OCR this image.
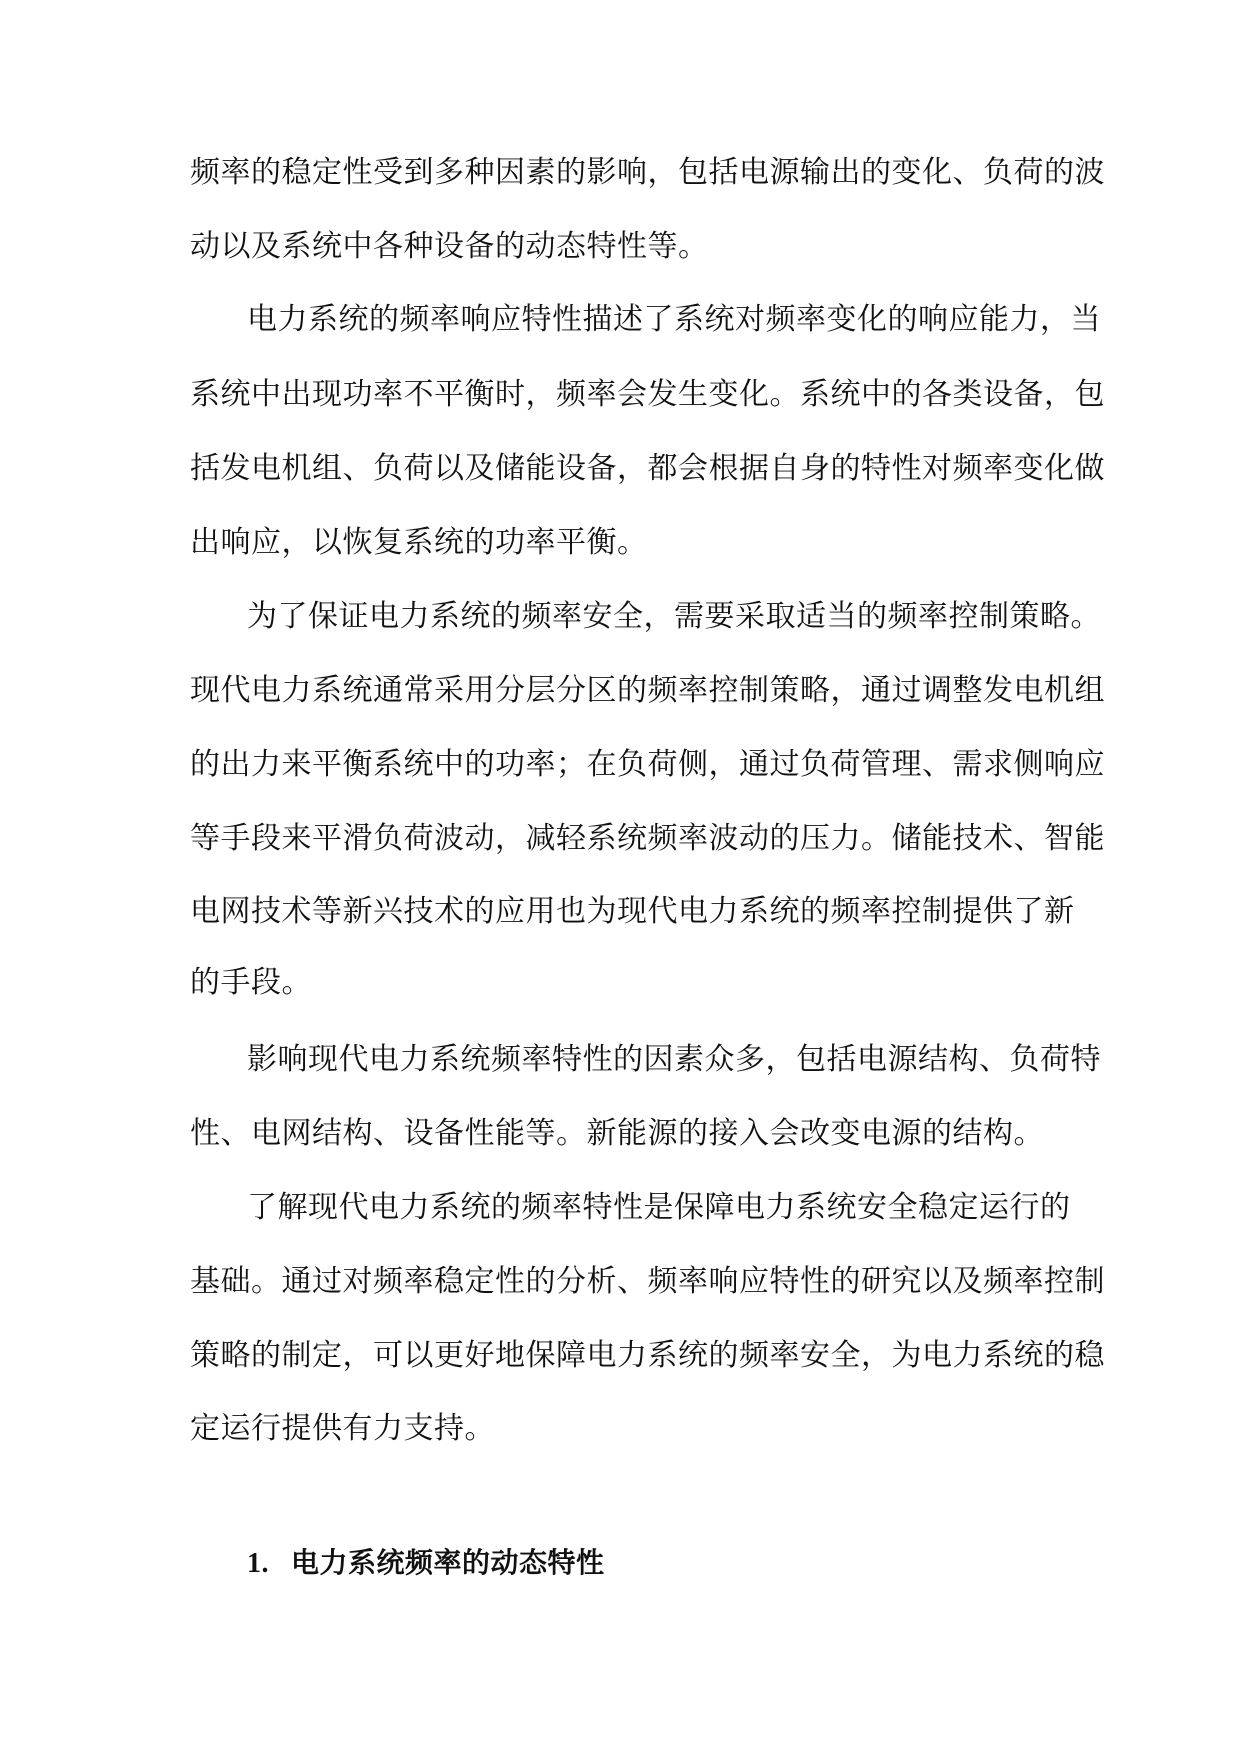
频率的稳定性受到多种因素的影响，包括电源输出的变化、负荷的波
动以及系统中各种设备的动态特性等。
电力系统的频率响应特性描述了系统对频率变化的响应能力，当
系统中出现功率不平衡时，频率会发生变化。系统中的各类设备，包
括发电机组、负荷以及储能设备，都会根据自身的特性对频率变化做
出响应，以恢复系统的功率平衡。
为了保证电力系统的频率安全，需要采取适当的频率控制策略。
现代电力系统通常采用分层分区的频率控制策略，通过调整发电机组
的出力来平衡系统中的功率；在负荷侧，通过负荷管理、需求侧响应
等手段来平滑负荷波动，减轻系统频率波动的压力。储能技术、智能
电网技术等新兴技术的应用也为现代电力系统的频率控制提供了新
的手段。
影响现代电力系统频率特性的因素众多，包括电源结构、负荷特
性、电网结构、设备性能等。新能源的接入会改变电源的结构。
了解现代电力系统的频率特性是保障电力系统安全稳定运行的
基础。通过对频率稳定性的分析、频率响应特性的研究以及频率控制
策略的制定，可以更好地保障电力系统的频率安全，为电力系统的稳
定运行提供有力支持。
1. 电力系统频率的动态特性
